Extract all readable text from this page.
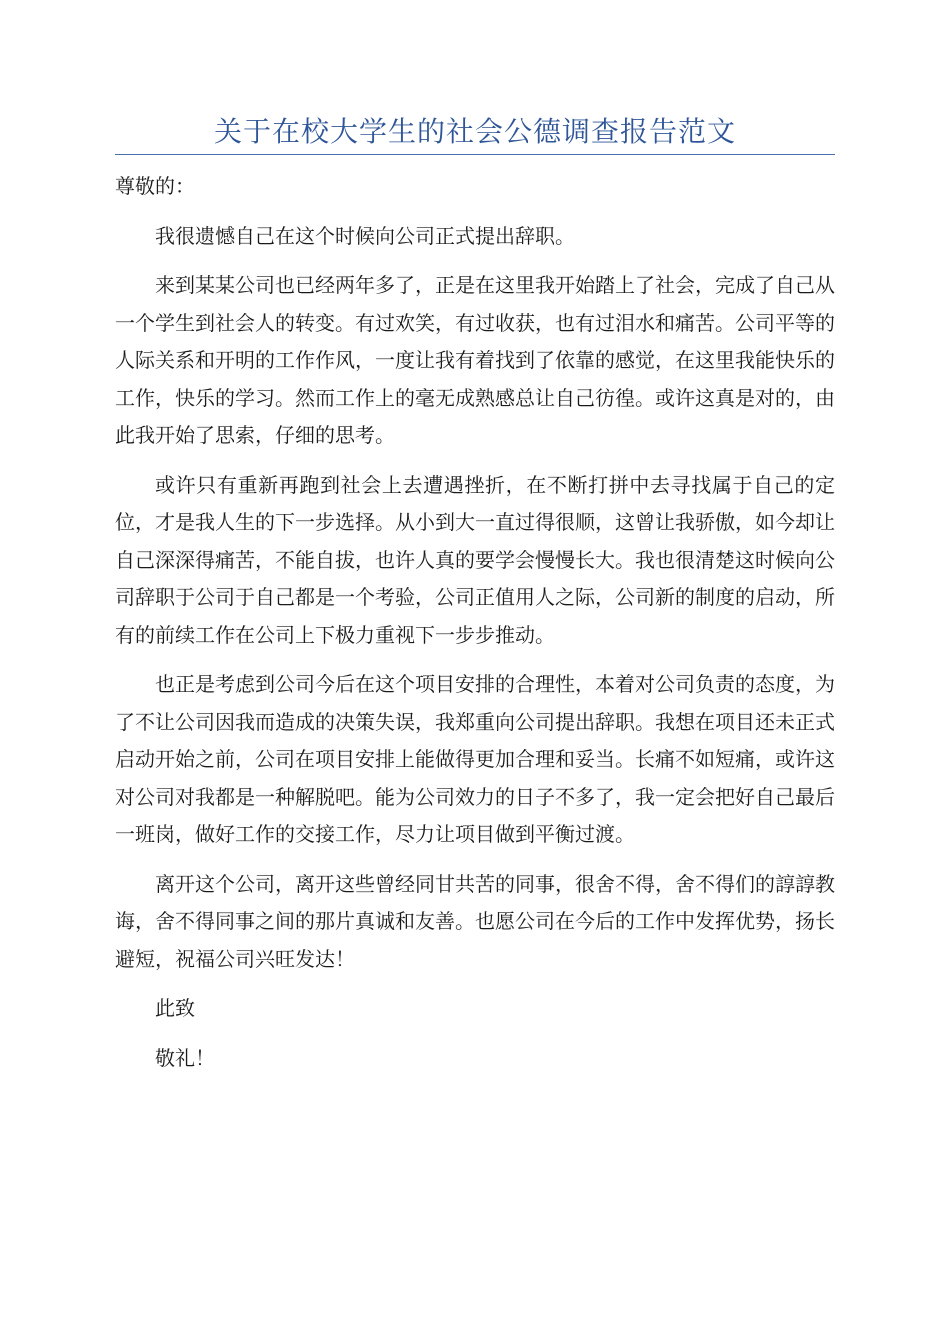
关于在校大学生的社会公德调查报告范文

尊敬的：

我很遗憾自己在这个时候向公司正式提出辞职。

来到某某公司也已经两年多了，正是在这里我开始踏上了社会，完成了自己从一个学生到社会人的转变。有过欢笑，有过收获，也有过泪水和痛苦。公司平等的人际关系和开明的工作作风，一度让我有着找到了依靠的感觉，在这里我能快乐的工作，快乐的学习。然而工作上的毫无成熟感总让自己彷徨。或许这真是对的，由此我开始了思索，仔细的思考。

或许只有重新再跑到社会上去遭遇挫折，在不断打拼中去寻找属于自己的定位，才是我人生的下一步选择。从小到大一直过得很顺，这曾让我骄傲，如今却让自己深深得痛苦，不能自拔，也许人真的要学会慢慢长大。我也很清楚这时候向公司辞职于公司于自己都是一个考验，公司正值用人之际，公司新的制度的启动，所有的前续工作在公司上下极力重视下一步步推动。

也正是考虑到公司今后在这个项目安排的合理性，本着对公司负责的态度，为了不让公司因我而造成的决策失误，我郑重向公司提出辞职。我想在项目还未正式启动开始之前，公司在项目安排上能做得更加合理和妥当。长痛不如短痛，或许这对公司对我都是一种解脱吧。能为公司效力的日子不多了，我一定会把好自己最后一班岗，做好工作的交接工作，尽力让项目做到平衡过渡。

离开这个公司，离开这些曾经同甘共苦的同事，很舍不得，舍不得们的諄諄教诲，舍不得同事之间的那片真诚和友善。也愿公司在今后的工作中发挥优势，扬长避短，祝福公司兴旺发达！

此致

敬礼！
